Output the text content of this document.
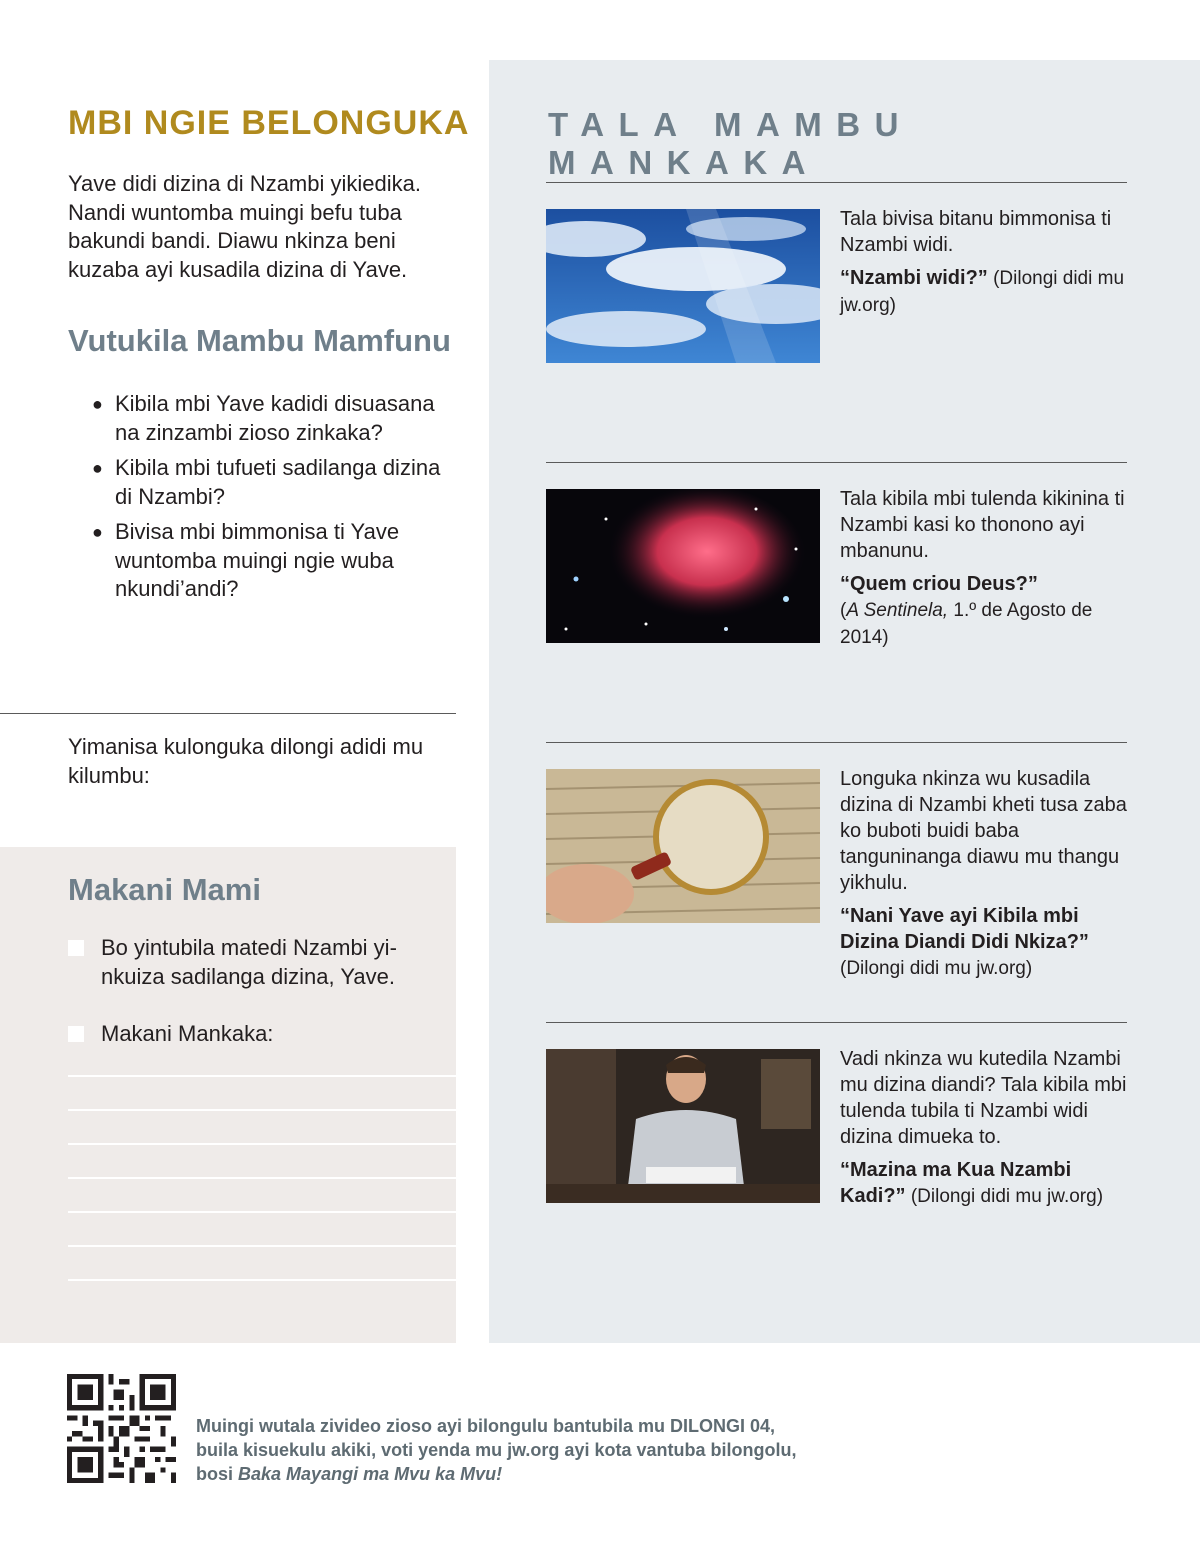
MBI NGIE BELONGUKA
Yave didi dizina di Nzambi yikiedika. Nandi wuntomba muingi befu tuba bakundi bandi. Diawu nkinza beni kuzaba ayi kusadila dizina di Yave.
Vutukila Mambu Mamfunu
● Kibila mbi Yave kadidi disuasana na zinzambi zioso zinkaka?
● Kibila mbi tufueti sadilanga dizina di Nzambi?
● Bivisa mbi bimmonisa ti Yave wuntomba muingi ngie wuba nkundi’andi?
Yimanisa kulonguka dilongi adidi mu kilumbu:
Makani Mami
Bo yintubila matedi Nzambi yi-nkuiza sadilanga dizina, Yave.
Makani Mankaka:
TALA MAMBU MANKAKA
Tala bivisa bitanu bimmonisa ti Nzambi widi.
“Nzambi widi?” (Dilongi didi mu jw.org)
Tala kibila mbi tulenda kikinina ti Nzambi kasi ko thonono ayi mbanunu.
“Quem criou Deus?”
(A Sentinela, 1.º de Agosto de 2014)
Longuka nkinza wu kusadila dizina di Nzambi kheti tusa zaba ko buboti buidi baba tanguninanga diawu mu thangu yikhulu.
“Nani Yave ayi Kibila mbi Dizina Diandi Didi Nkiza?”
(Dilongi didi mu jw.org)
Vadi nkinza wu kutedila Nzambi mu dizina diandi? Tala kibila mbi tulenda tubila ti Nzambi widi dizina dimueka to.
“Mazina ma Kua Nzambi Kadi?” (Dilongi didi mu jw.org)
Muingi wutala zivideo zioso ayi bilongulu bantubila mu DILONGI 04, buila kisuekulu akiki, voti yenda mu jw.org ayi kota vantuba bilongolu, bosi Baka Mayangi ma Mvu ka Mvu!
